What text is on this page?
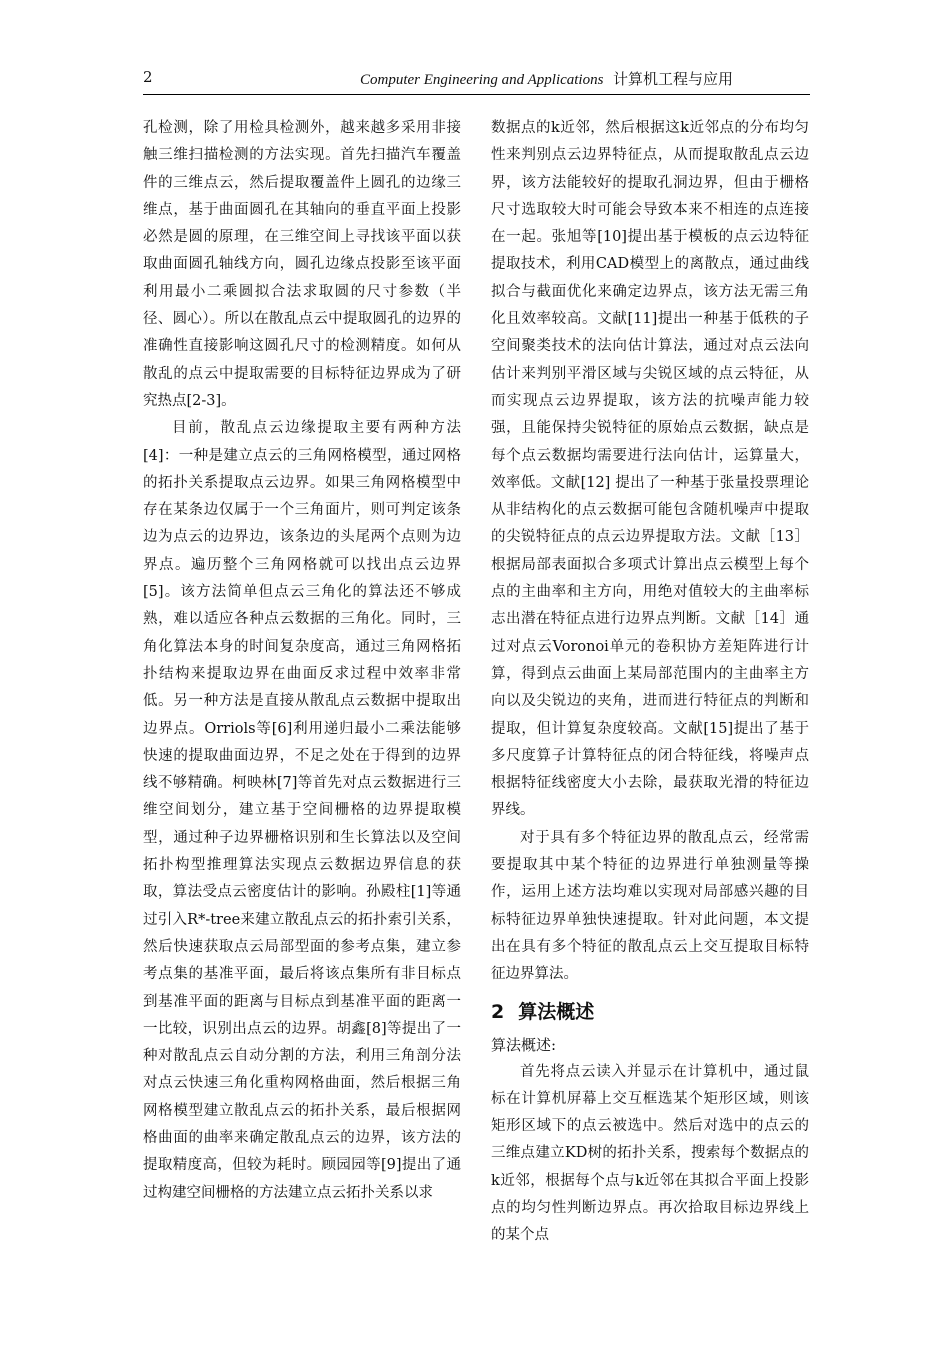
2	Computer Engineering and Applications 计算机工程与应用

孔检测，除了用检具检测外，越来越多采用非接触三维扫描检测的方法实现。首先扫描汽车覆盖件的三维点云，然后提取覆盖件上圆孔的边缘三维点，基于曲面圆孔在其轴向的垂直平面上投影必然是圆的原理，在三维空间上寻找该平面以获取曲面圆孔轴线方向，圆孔边缘点投影至该平面利用最小二乘圆拟合法求取圆的尺寸参数（半径、圆心）。所以在散乱点云中提取圆孔的边界的准确性直接影响这圆孔尺寸的检测精度。如何从散乱的点云中提取需要的目标特征边界成为了研究热点[2-3]。

目前，散乱点云边缘提取主要有两种方法[4]：一种是建立点云的三角网格模型，通过网格的拓扑关系提取点云边界。如果三角网格模型中存在某条边仅属于一个三角面片，则可判定该条边为点云的边界边，该条边的头尾两个点则为边界点。遍历整个三角网格就可以找出点云边界[5]。该方法简单但点云三角化的算法还不够成熟，难以适应各种点云数据的三角化。同时，三角化算法本身的时间复杂度高，通过三角网格拓扑结构来提取边界在曲面反求过程中效率非常低。另一种方法是直接从散乱点云数据中提取出边界点。Orriols等[6]利用递归最小二乘法能够快速的提取曲面边界，不足之处在于得到的边界线不够精确。柯映林[7]等首先对点云数据进行三维空间划分，建立基于空间栅格的边界提取模型，通过种子边界栅格识别和生长算法以及空间拓扑构型推理算法实现点云数据边界信息的获取，算法受点云密度估计的影响。孙殿柱[1]等通过引入R*-tree来建立散乱点云的拓扑索引关系，然后快速获取点云局部型面的参考点集，建立参考点集的基准平面，最后将该点集所有非目标点到基准平面的距离与目标点到基准平面的距离一一比较，识别出点云的边界。胡鑫[8]等提出了一种对散乱点云自动分割的方法，利用三角剖分法对点云快速三角化重构网格曲面，然后根据三角网格模型建立散乱点云的拓扑关系，最后根据网格曲面的曲率来确定散乱点云的边界，该方法的提取精度高，但较为耗时。顾园园等[9]提出了通过构建空间栅格的方法建立点云拓扑关系以求

数据点的k近邻，然后根据这k近邻点的分布均匀性来判别点云边界特征点，从而提取散乱点云边界，该方法能较好的提取孔洞边界，但由于栅格尺寸选取较大时可能会导致本来不相连的点连接在一起。张旭等[10]提出基于模板的点云边特征提取技术，利用CAD模型上的离散点，通过曲线拟合与截面优化来确定边界点，该方法无需三角化且效率较高。文献[11]提出一种基于低秩的子空间聚类技术的法向估计算法，通过对点云法向估计来判别平滑区域与尖锐区域的点云特征，从而实现点云边界提取，该方法的抗噪声能力较强，且能保持尖锐特征的原始点云数据，缺点是每个点云数据均需要进行法向估计，运算量大，效率低。文献[12] 提出了一种基于张量投票理论从非结构化的点云数据可能包含随机噪声中提取的尖锐特征点的点云边界提取方法。文献［13］根据局部表面拟合多项式计算出点云模型上每个点的主曲率和主方向，用绝对值较大的主曲率标志出潜在特征点进行边界点判断。文献［14］通过对点云Voronoi单元的卷积协方差矩阵进行计算，得到点云曲面上某局部范围内的主曲率主方向以及尖锐边的夹角，进而进行特征点的判断和提取，但计算复杂度较高。文献[15]提出了基于多尺度算子计算特征点的闭合特征线，将噪声点根据特征线密度大小去除，最获取光滑的特征边界线。

对于具有多个特征边界的散乱点云，经常需要提取其中某个特征的边界进行单独测量等操作，运用上述方法均难以实现对局部感兴趣的目标特征边界单独快速提取。针对此问题，本文提出在具有多个特征的散乱点云上交互提取目标特征边界算法。

2 算法概述
算法概述:

首先将点云读入并显示在计算机中，通过鼠标在计算机屏幕上交互框选某个矩形区域，则该矩形区域下的点云被选中。然后对选中的点云的三维点建立KD树的拓扑关系，搜索每个数据点的k近邻，根据每个点与k近邻在其拟合平面上投影点的均匀性判断边界点。再次拾取目标边界线上的某个点
